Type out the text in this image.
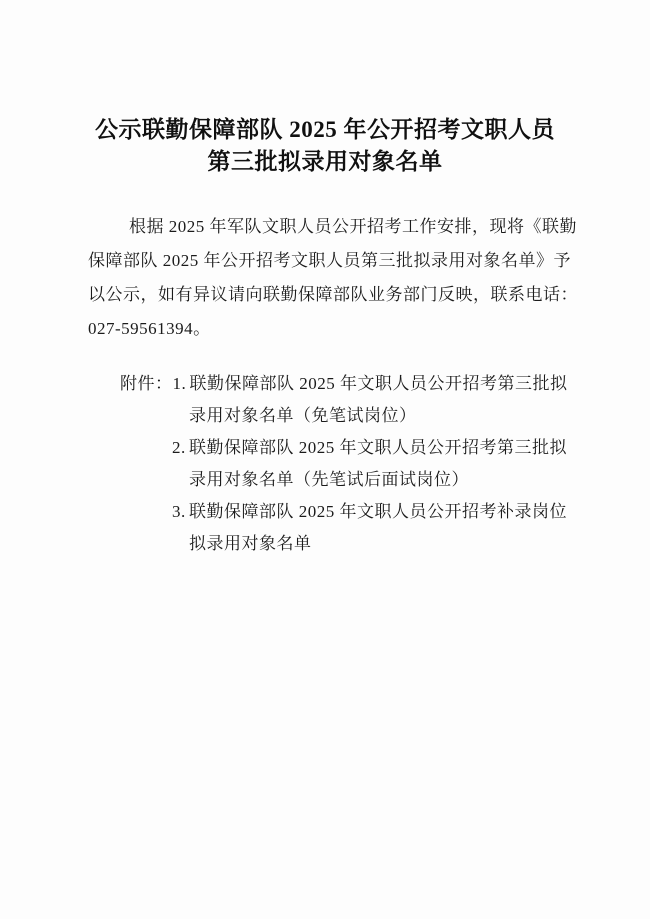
公示联勤保障部队 2025 年公开招考文职人员
第三批拟录用对象名单
根据 2025 年军队文职人员公开招考工作安排，现将《联勤
保障部队 2025 年公开招考文职人员第三批拟录用对象名单》予
以公示，如有异议请向联勤保障部队业务部门反映，联系电话：
027-59561394。
附件：1. 联勤保障部队 2025 年文职人员公开招考第三批拟
录用对象名单（免笔试岗位）
2. 联勤保障部队 2025 年文职人员公开招考第三批拟
录用对象名单（先笔试后面试岗位）
3. 联勤保障部队 2025 年文职人员公开招考补录岗位
拟录用对象名单
